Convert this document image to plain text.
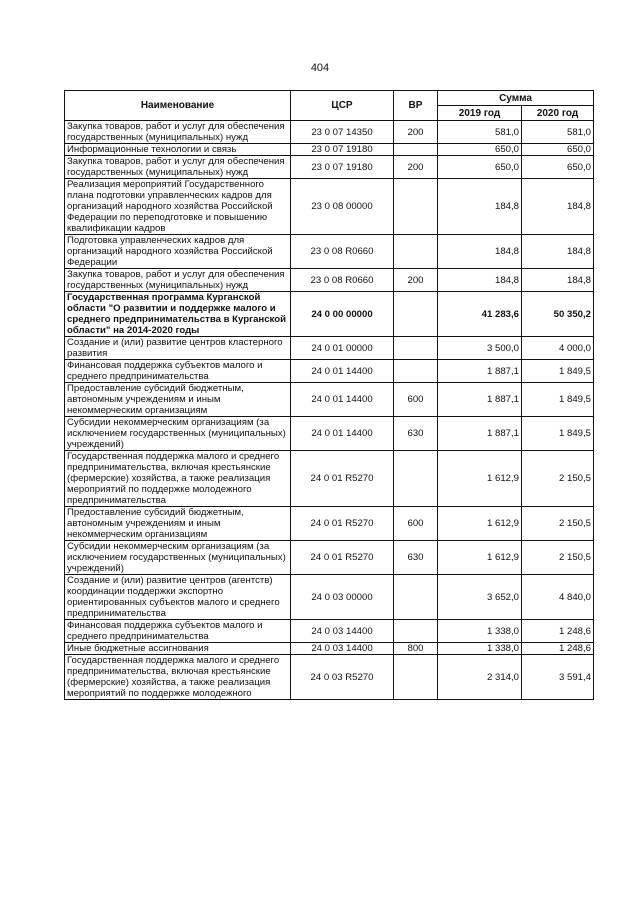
404
Наименование	ЦСР	ВР	Сумма	
			2019 год	2020 год
Закупка товаров, работ и услуг для обеспечения государственных (муниципальных) нужд	23 0 07 14350	200	581,0	581,0
Информационные технологии и связь	23 0 07 19180		650,0	650,0
Закупка товаров, работ и услуг для обеспечения государственных (муниципальных) нужд	23 0 07 19180	200	650,0	650,0
Реализация мероприятий Государственного плана подготовки управленческих кадров для организаций народного хозяйства Российской Федерации по переподготовке и повышению квалификации кадров	23 0 08 00000		184,8	184,8
Подготовка управленческих кадров для организаций народного хозяйства Российской Федерации	23 0 08 R0660		184,8	184,8
Закупка товаров, работ и услуг для обеспечения государственных (муниципальных) нужд	23 0 08 R0660	200	184,8	184,8
Государственная программа Курганской области "О развитии и поддержке малого и среднего предпринимательства в Курганской области" на 2014-2020 годы	24 0 00 00000		41 283,6	50 350,2
Создание и (или) развитие центров кластерного развития	24 0 01 00000		3 500,0	4 000,0
Финансовая поддержка субъектов малого и среднего предпринимательства	24 0 01 14400		1 887,1	1 849,5
Предоставление субсидий бюджетным, автономным учреждениям и иным некоммерческим организациям	24 0 01 14400	600	1 887,1	1 849,5
Субсидии некоммерческим организациям (за исключением государственных (муниципальных) учреждений)	24 0 01 14400	630	1 887,1	1 849,5
Государственная поддержка малого и среднего предпринимательства, включая крестьянские (фермерские) хозяйства, а также реализация мероприятий по поддержке молодежного предпринимательства	24 0 01 R5270		1 612,9	2 150,5
Предоставление субсидий бюджетным, автономным учреждениям и иным некоммерческим организациям	24 0 01 R5270	600	1 612,9	2 150,5
Субсидии некоммерческим организациям (за исключением государственных (муниципальных) учреждений)	24 0 01 R5270	630	1 612,9	2 150,5
Создание и (или) развитие центров (агентств) координации поддержки экспортно ориентированных субъектов малого и среднего предпринимательства	24 0 03 00000		3 652,0	4 840,0
Финансовая поддержка субъектов малого и среднего предпринимательства	24 0 03 14400		1 338,0	1 248,6
Иные бюджетные ассигнования	24 0 03 14400	800	1 338,0	1 248,6
Государственная поддержка малого и среднего предпринимательства, включая крестьянские (фермерские) хозяйства, а также реализация мероприятий по поддержке молодежного	24 0 03 R5270		2 314,0	3 591,4
